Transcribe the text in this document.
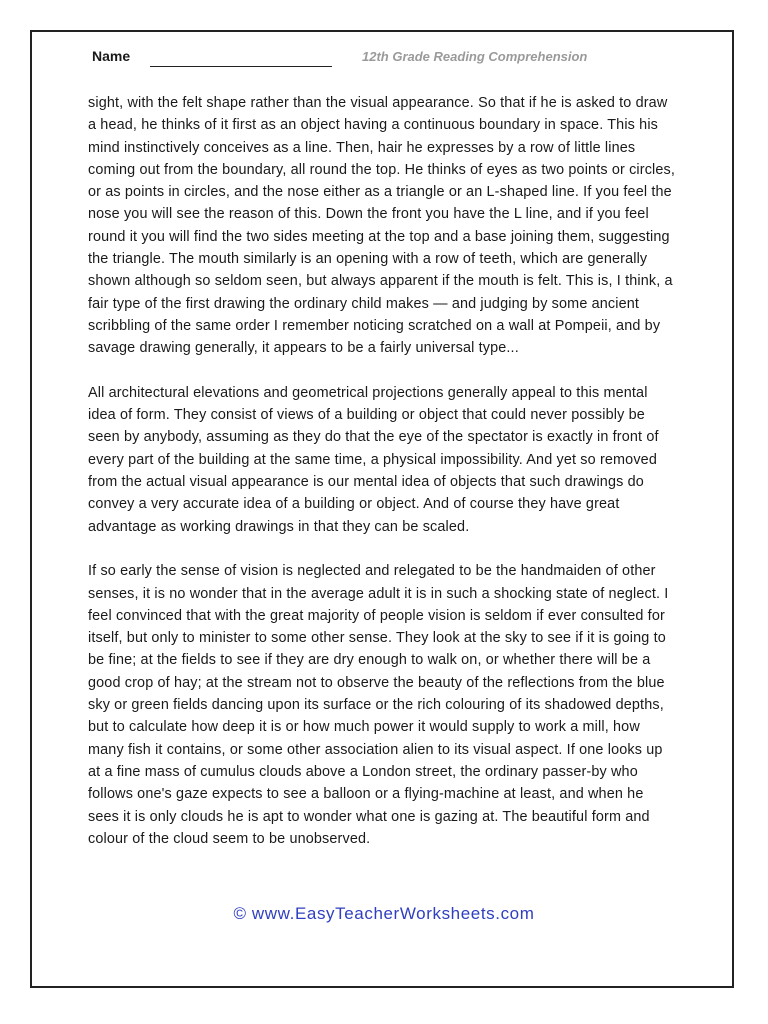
Name	12th Grade Reading Comprehension

sight, with the felt shape rather than the visual appearance. So that if he is asked to draw a head, he thinks of it first as an object having a continuous boundary in space. This his mind instinctively conceives as a line. Then, hair he expresses by a row of little lines coming out from the boundary, all round the top. He thinks of eyes as two points or circles, or as points in circles, and the nose either as a triangle or an L-shaped line. If you feel the nose you will see the reason of this. Down the front you have the L line, and if you feel round it you will find the two sides meeting at the top and a base joining them, suggesting the triangle. The mouth similarly is an opening with a row of teeth, which are generally shown although so seldom seen, but always apparent if the mouth is felt. This is, I think, a fair type of the first drawing the ordinary child makes — and judging by some ancient scribbling of the same order I remember noticing scratched on a wall at Pompeii, and by savage drawing generally, it appears to be a fairly universal type...

All architectural elevations and geometrical projections generally appeal to this mental idea of form. They consist of views of a building or object that could never possibly be seen by anybody, assuming as they do that the eye of the spectator is exactly in front of every part of the building at the same time, a physical impossibility. And yet so removed from the actual visual appearance is our mental idea of objects that such drawings do convey a very accurate idea of a building or object. And of course they have great advantage as working drawings in that they can be scaled.

If so early the sense of vision is neglected and relegated to be the handmaiden of other senses, it is no wonder that in the average adult it is in such a shocking state of neglect. I feel convinced that with the great majority of people vision is seldom if ever consulted for itself, but only to minister to some other sense. They look at the sky to see if it is going to be fine; at the fields to see if they are dry enough to walk on, or whether there will be a good crop of hay; at the stream not to observe the beauty of the reflections from the blue sky or green fields dancing upon its surface or the rich colouring of its shadowed depths, but to calculate how deep it is or how much power it would supply to work a mill, how many fish it contains, or some other association alien to its visual aspect. If one looks up at a fine mass of cumulus clouds above a London street, the ordinary passer-by who follows one's gaze expects to see a balloon or a flying-machine at least, and when he sees it is only clouds he is apt to wonder what one is gazing at. The beautiful form and colour of the cloud seem to be unobserved.

© www.EasyTeacherWorksheets.com
